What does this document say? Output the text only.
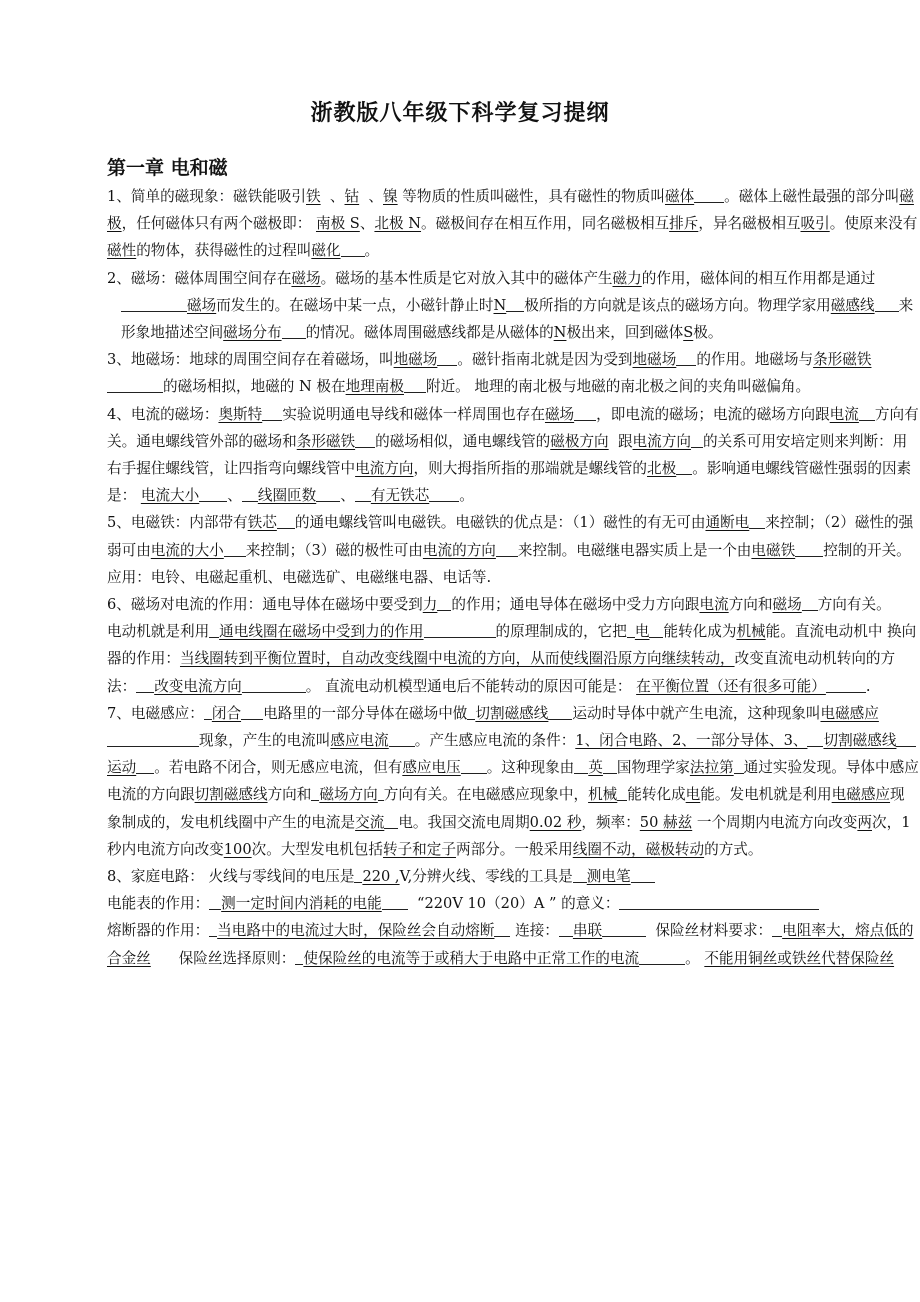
浙教版八年级下科学复习提纲
第一章 电和磁

1、简单的磁现象：磁铁能吸引铁 、钴 、镍 等物质的性质叫磁性，具有磁性的物质叫磁体 。磁体上磁性最强的部分叫磁极，任何磁体只有两个磁极即： 南极 S、北极 N。磁极间存在相互作用，同名磁极相互排斥，异名磁极相互吸引。使原来没有磁性的物体，获得磁性的过程叫磁化 。

2、磁场：磁体周围空间存在磁场。磁场的基本性质是它对放入其中的磁体产生磁力的作用，磁体间的相互作用都是通过磁场而发生的。在磁场中某一点，小磁针静止时N 极所指的方向就是该点的磁场方向。物理学家用磁感线 来形象地描述空间磁场分布 的情况。磁体周围磁感线都是从磁体的N极出来，回到磁体S极。

3、地磁场：地球的周围空间存在着磁场，叫地磁场 。磁针指南北就是因为受到地磁场 的作用。地磁场与条形磁铁的磁场相拟，地磁的 N 极在地理南极 附近。 地理的南北极与地磁的南北极之间的夹角叫磁偏角。

4、电流的磁场：奥斯特 实验说明通电导线和磁体一样周围也存在磁场 ，即电流的磁场；电流的磁场方向跟电流 方向有关。通电螺线管外部的磁场和条形磁铁 的磁场相似，通电螺线管的磁极方向 跟电流方向 的关系可用安培定则来判断：用右手握住螺线管，让四指弯向螺线管中电流方向，则大拇指所指的那端就是螺线管的北极 。影响通电螺线管磁性强弱的因素是： 电流大小 、 线圈匝数 、 有无铁芯 。

5、电磁铁：内部带有铁芯 的通电螺线管叫电磁铁。电磁铁的优点是：（1）磁性的有无可由通断电 来控制；（2）磁性的强弱可由电流的大小 来控制；（3）磁的极性可由电流的方向 来控制。电磁继电器实质上是一个由电磁铁 控制的开关。应用：电铃、电磁起重机、电磁选矿、电磁继电器、电话等.

6、磁场对电流的作用：通电导体在磁场中要受到力 的作用；通电导体在磁场中受力方向跟电流方向和磁场 方向有关。

电动机就是利用 通电线圈在磁场中受到力的作用	的原理制成的，它把 电 能转化成为机械能。直流电动机中 换向器的作用：当线圈转到平衡位置时，自动改变线圈中电流的方向，从而使线圈沿原方向继续转动，改变直流电动机转向的方法： 改变电流方向	。 直流电动机模型通电后不能转动的原因可能是： 在平衡位置（还有很多可能）	.

7、电磁感应： 闭合 电路里的一部分导体在磁场中做 切割磁感线 运动时导体中就产生电流，这种现象叫电磁感应现象，产生的电流叫感应电流 。产生感应电流的条件：1、闭合电路、2、一部分导体、3、 切割磁感线运动 。若电路不闭合，则无感应电流，但有感应电压 。这种现象由 英 国物理学家法拉第 通过实验发现。导体中感应电流的方向跟切割磁感线方向和 磁场方向 方向有关。在电磁感应现象中，机械 能转化成电能。发电机就是利用电磁感应现象制成的，发电机线圈中产生的电流是交流 电。我国交流电周期0.02 秒，频率：50 赫兹 一个周期内电流方向改变两次，1 秒内电流方向改变100次。大型发电机包括转子和定子两部分。一般采用线圈不动，磁极转动的方式。

8、家庭电路： 火线与零线间的电压是 220 ,V,分辨火线、零线的工具是 测电笔
电能表的作用： 测一定时间内消耗的电能 “220V 10（20）A ” 的意义：
熔断器的作用： 当电路中的电流过大时，保险丝会自动熔断 连接： 串联	保险丝材料要求： 电阻率大，熔点低的合金丝 保险丝选择原则： 使保险丝的电流等于或稍大于电路中正常工作的电流	。 不能用铜丝或铁丝代替保险丝
